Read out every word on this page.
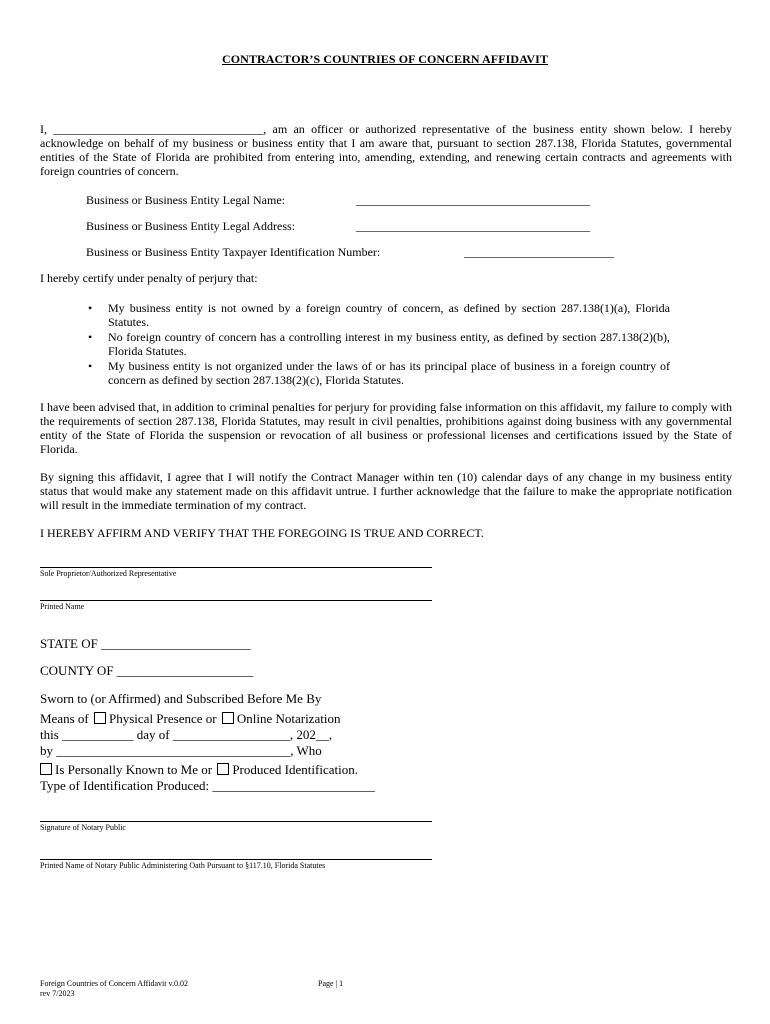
CONTRACTOR’S COUNTRIES OF CONCERN AFFIDAVIT
I, ___________________________________, am an officer or authorized representative of the business entity shown below. I hereby acknowledge on behalf of my business or business entity that I am aware that, pursuant to section 287.138, Florida Statutes, governmental entities of the State of Florida are prohibited from entering into, amending, extending, and renewing certain contracts and agreements with foreign countries of concern.
Business or Business Entity Legal Name:	_______________________________________
Business or Business Entity Legal Address:	_______________________________________
Business or Business Entity Taxpayer Identification Number:	_________________________
I hereby certify under penalty of perjury that:
•	My business entity is not owned by a foreign country of concern, as defined by section 287.138(1)(a), Florida Statutes.
•	No foreign country of concern has a controlling interest in my business entity, as defined by section 287.138(2)(b), Florida Statutes.
•	My business entity is not organized under the laws of or has its principal place of business in a foreign country of concern as defined by section 287.138(2)(c), Florida Statutes.
I have been advised that, in addition to criminal penalties for perjury for providing false information on this affidavit, my failure to comply with the requirements of section 287.138, Florida Statutes, may result in civil penalties, prohibitions against doing business with any governmental entity of the State of Florida the suspension or revocation of all business or professional licenses and certifications issued by the State of Florida.
By signing this affidavit, I agree that I will notify the Contract Manager within ten (10) calendar days of any change in my business entity status that would make any statement made on this affidavit untrue. I further acknowledge that the failure to make the appropriate notification will result in the immediate termination of my contract.
I HEREBY AFFIRM AND VERIFY THAT THE FOREGOING IS TRUE AND CORRECT.
Sole Proprietor/Authorized Representative
Printed Name
STATE OF _______________________
COUNTY OF _____________________
Sworn to (or Affirmed) and Subscribed Before Me By
Means of Physical Presence or Online Notarization
this ___________ day of __________________, 202__,
by ____________________________________, Who
Is Personally Known to Me or Produced Identification.
Type of Identification Produced: _________________________
Signature of Notary Public
Printed Name of Notary Public Administering Oath Pursuant to §117.10, Florida Statutes
Foreign Countries of Concern Affidavit v.0.02
rev 7/2023
Page | 1
